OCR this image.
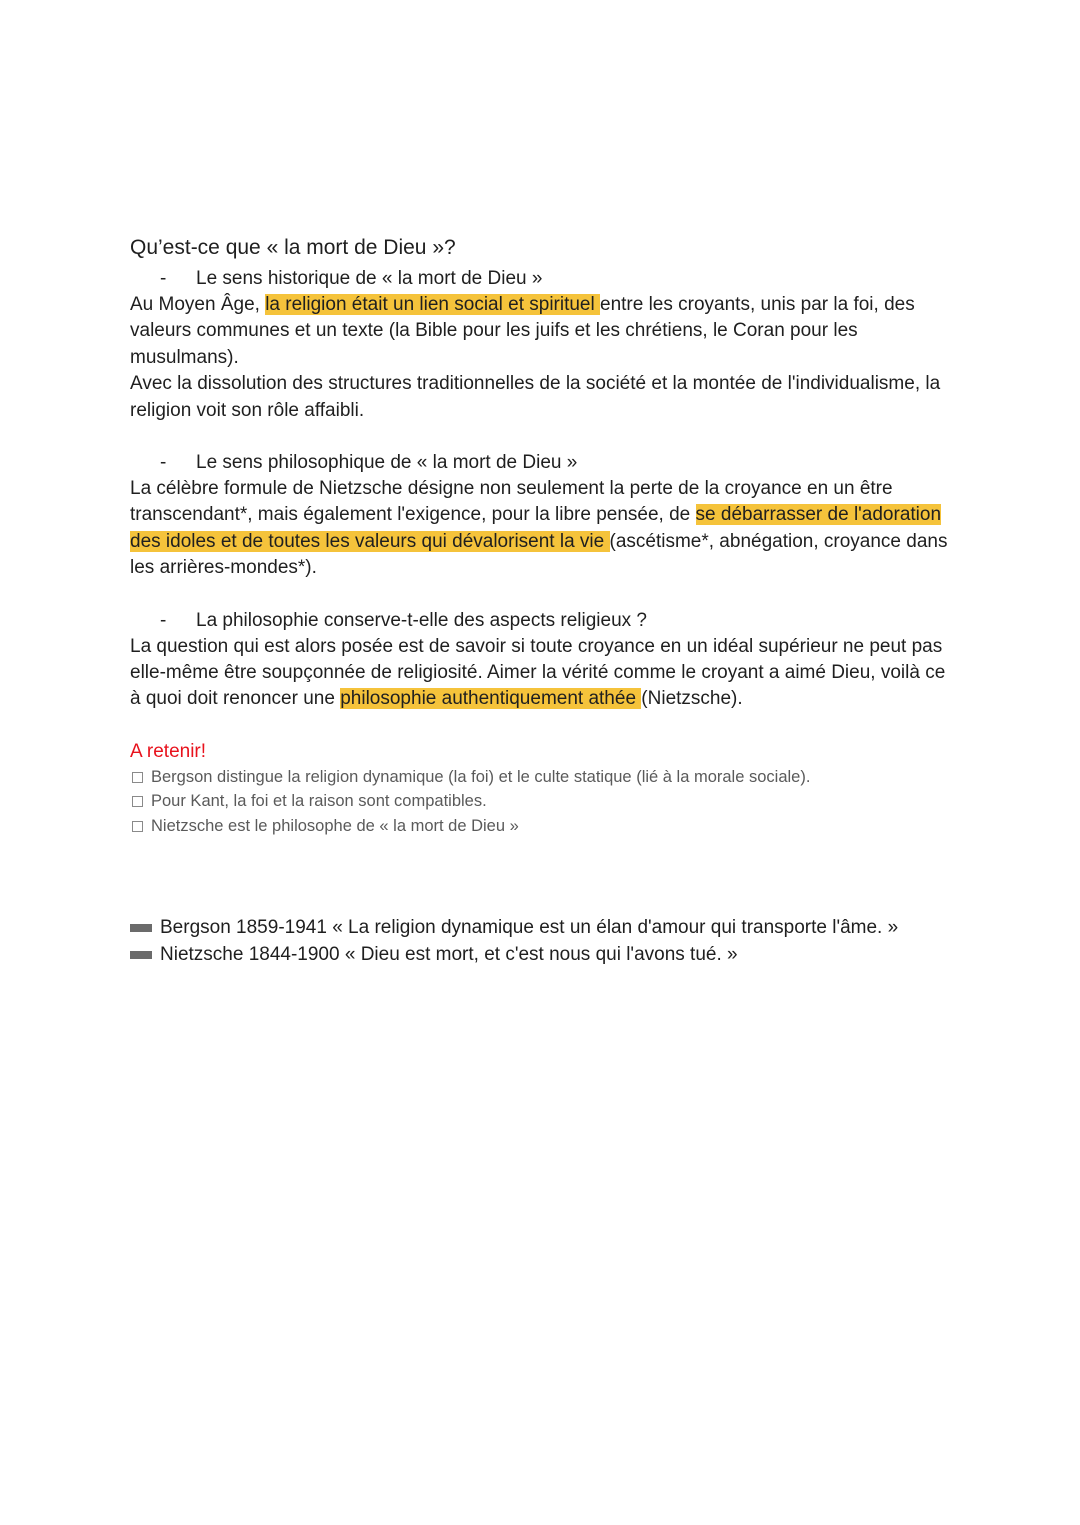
Qu’est-ce que « la mort de Dieu »?
- Le sens historique de « la mort de Dieu »

Au Moyen Âge, la religion était un lien social et spirituel entre les croyants, unis par la foi, des valeurs communes et un texte (la Bible pour les juifs et les chrétiens, le Coran pour les musulmans).

Avec la dissolution des structures traditionnelles de la société et la montée de l'individualisme, la religion voit son rôle affaibli.

- Le sens philosophique de « la mort de Dieu »

La célèbre formule de Nietzsche désigne non seulement la perte de la croyance en un être transcendant*, mais également l'exigence, pour la libre pensée, de se débarrasser de l'adoration des idoles et de toutes les valeurs qui dévalorisent la vie (ascétisme*, abnégation, croyance dans les arrières-mondes*).

- La philosophie conserve-t-elle des aspects religieux ?

La question qui est alors posée est de savoir si toute croyance en un idéal supérieur ne peut pas elle-même être soupçonnée de religiosité. Aimer la vérité comme le croyant a aimé Dieu, voilà ce à quoi doit renoncer une philosophie authentiquement athée (Nietzsche).

A retenir!

Bergson distingue la religion dynamique (la foi) et le culte statique (lié à la morale sociale).
Pour Kant, la foi et la raison sont compatibles.
Nietzsche est le philosophe de « la mort de Dieu »
Bergson 1859-1941 « La religion dynamique est un élan d'amour qui transporte l'âme. »
Nietzsche 1844-1900 « Dieu est mort, et c'est nous qui l'avons tué. »
